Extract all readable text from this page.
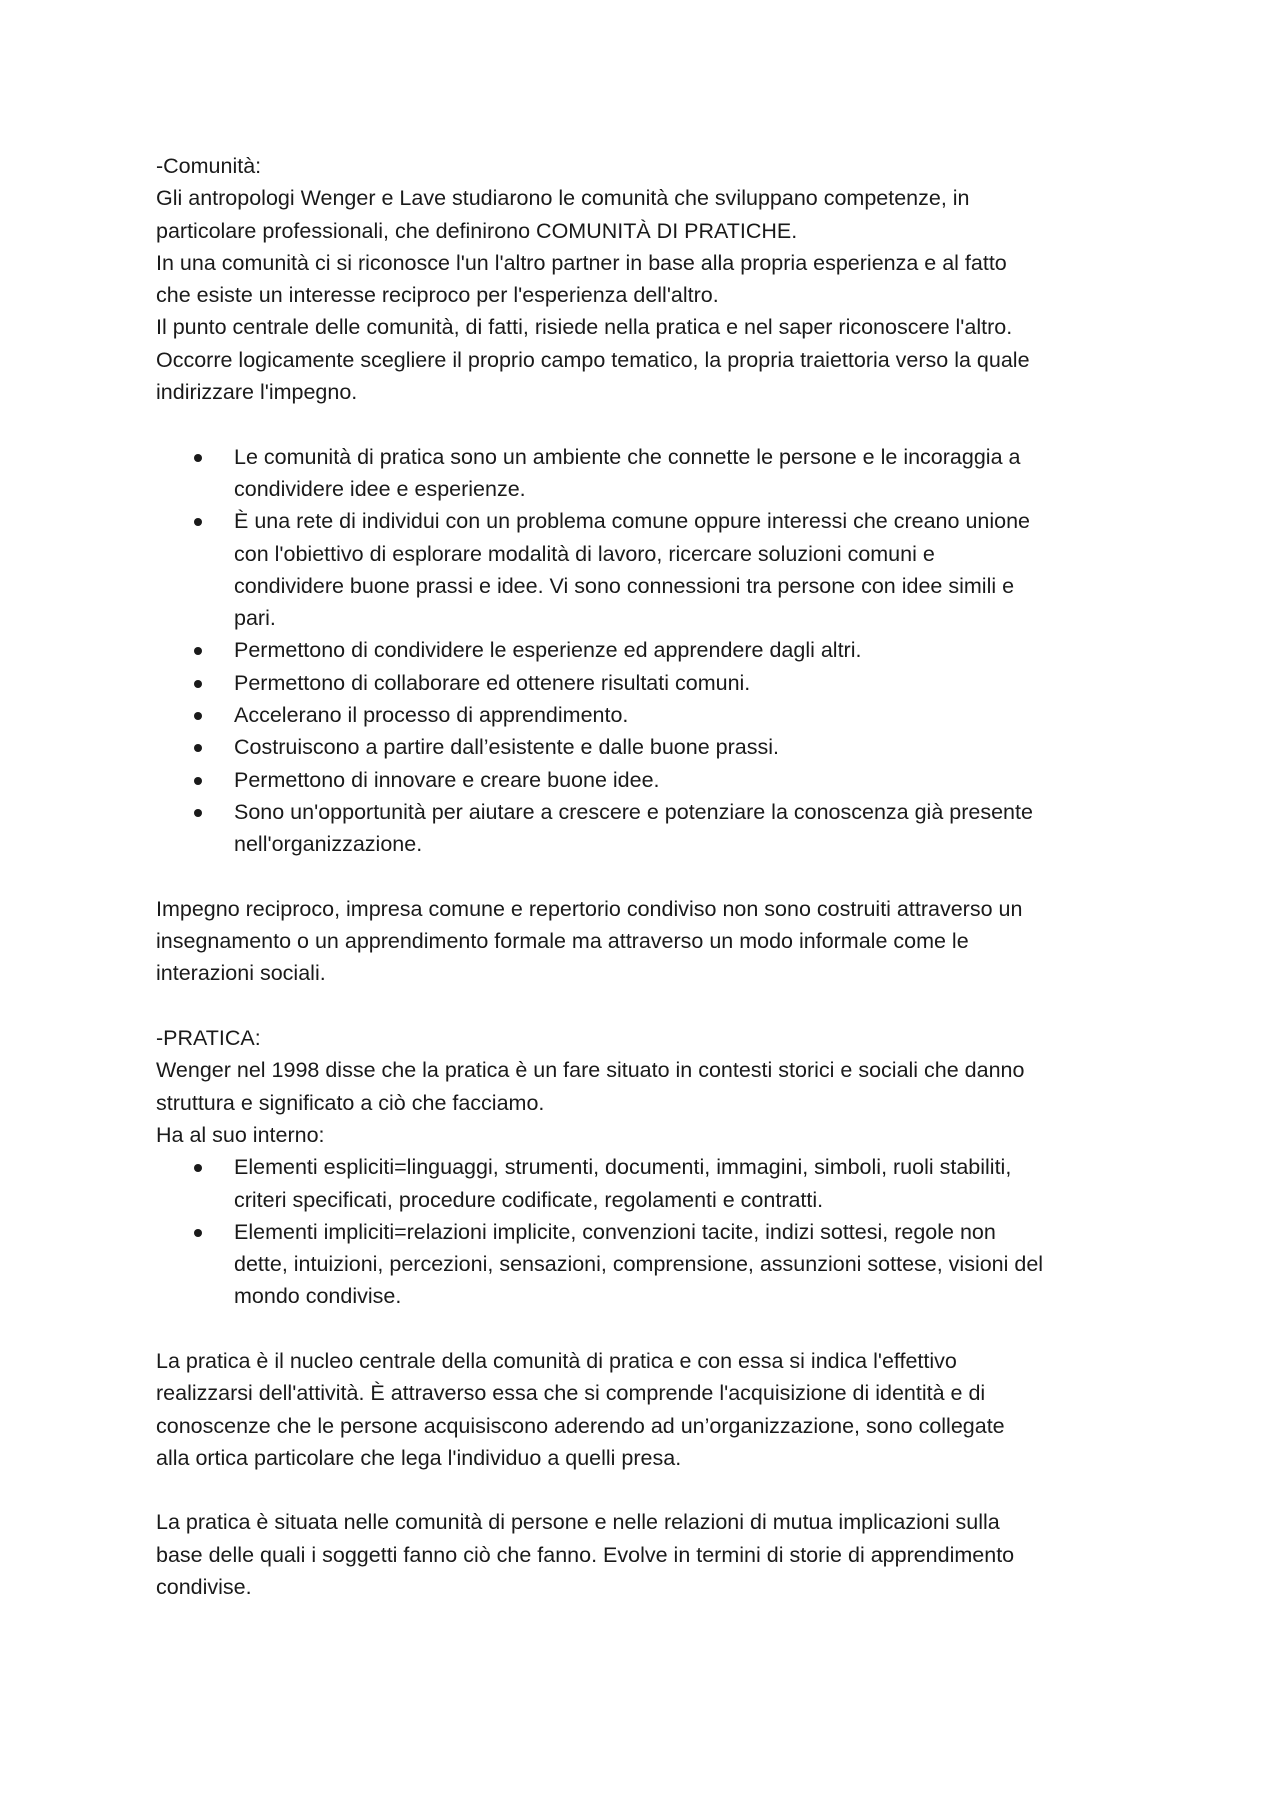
-Comunità:
Gli antropologi Wenger e Lave studiarono le comunità che sviluppano competenze, in
particolare professionali, che definirono COMUNITÀ DI PRATICHE.
In una comunità ci si riconosce l'un l'altro partner in base alla propria esperienza e al fatto
che esiste un interesse reciproco per l'esperienza dell'altro.
Il punto centrale delle comunità, di fatti, risiede nella pratica e nel saper riconoscere l'altro.
Occorre logicamente scegliere il proprio campo tematico, la propria traiettoria verso la quale
indirizzare l'impegno.
Le comunità di pratica sono un ambiente che connette le persone e le incoraggia a
condividere idee e esperienze.
È una rete di individui con un problema comune oppure interessi che creano unione
con l'obiettivo di esplorare modalità di lavoro, ricercare soluzioni comuni e
condividere buone prassi e idee. Vi sono connessioni tra persone con idee simili e
pari.
Permettono di condividere le esperienze ed apprendere dagli altri.
Permettono di collaborare ed ottenere risultati comuni.
Accelerano il processo di apprendimento.
Costruiscono a partire dall’esistente e dalle buone prassi.
Permettono di innovare e creare buone idee.
Sono un'opportunità per aiutare a crescere e potenziare la conoscenza già presente
nell'organizzazione.
Impegno reciproco, impresa comune e repertorio condiviso non sono costruiti attraverso un
insegnamento o un apprendimento formale ma attraverso un modo informale come le
interazioni sociali.
-PRATICA:
Wenger nel 1998 disse che la pratica è un fare situato in contesti storici e sociali che danno
struttura e significato a ciò che facciamo.
Ha al suo interno:
Elementi espliciti=linguaggi, strumenti, documenti, immagini, simboli, ruoli stabiliti,
criteri specificati, procedure codificate, regolamenti e contratti.
Elementi impliciti=relazioni implicite, convenzioni tacite, indizi sottesi, regole non
dette, intuizioni, percezioni, sensazioni, comprensione, assunzioni sottese, visioni del
mondo condivise.
La pratica è il nucleo centrale della comunità di pratica e con essa si indica l'effettivo
realizzarsi dell'attività. È attraverso essa che si comprende l'acquisizione di identità e di
conoscenze che le persone acquisiscono aderendo ad un’organizzazione, sono collegate
alla ortica particolare che lega l'individuo a quelli presa.
La pratica è situata nelle comunità di persone e nelle relazioni di mutua implicazioni sulla
base delle quali i soggetti fanno ciò che fanno. Evolve in termini di storie di apprendimento
condivise.
